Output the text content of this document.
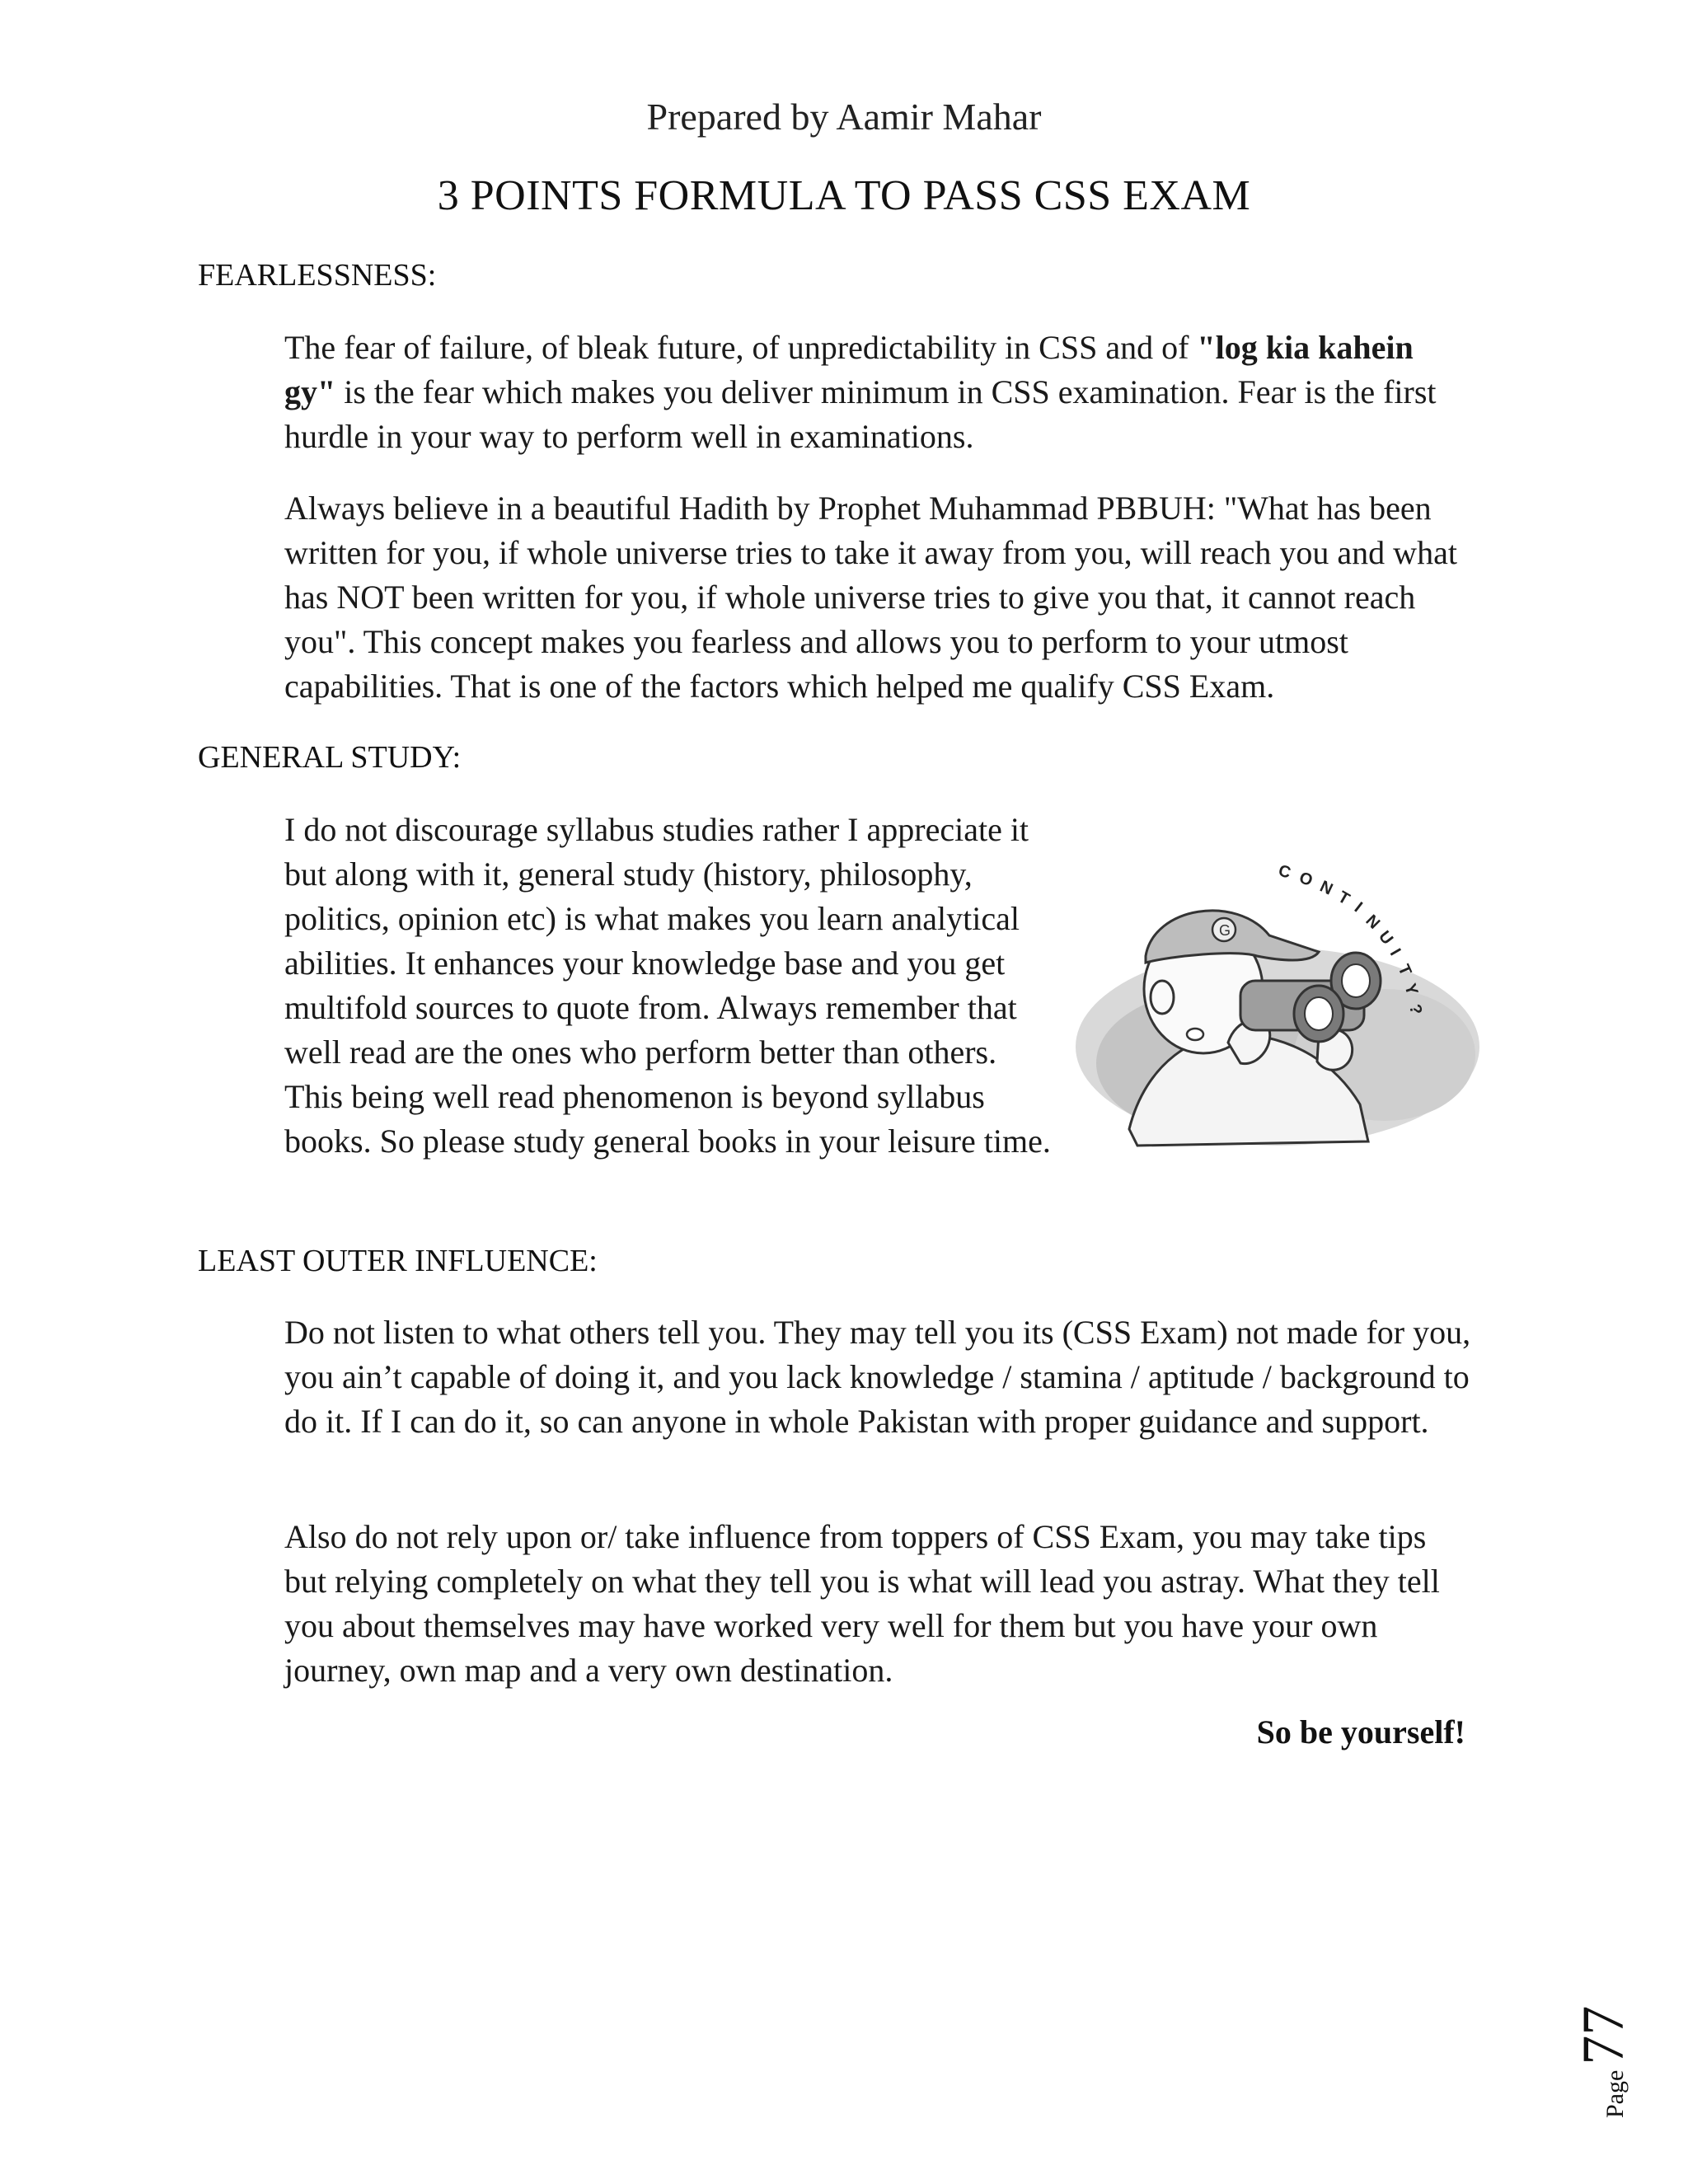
Prepared by Aamir Mahar
3 POINTS FORMULA TO PASS CSS EXAM
FEARLESSNESS:

The fear of failure, of bleak future, of unpredictability in CSS and of "log kia kahein gy" is the fear which makes you deliver minimum in CSS examination. Fear is the first hurdle in your way to perform well in examinations.

Always believe in a beautiful Hadith by Prophet Muhammad PBBUH: "What has been written for you, if whole universe tries to take it away from you, will reach you and what has NOT been written for you, if whole universe tries to give you that, it cannot reach you". This concept makes you fearless and allows you to perform to your utmost capabilities. That is one of the factors which helped me qualify CSS Exam.

GENERAL STUDY:

I do not discourage syllabus studies rather I appreciate it but along with it, general study (history, philosophy, politics, opinion etc) is what makes you learn analytical abilities. It enhances your knowledge base and you get multifold sources to quote from. Always remember that well read are the ones who perform better than others. This being well read phenomenon is beyond syllabus books. So please study general books in your leisure time.

G
C O N T
I
N
U
I
T
Y
?
LEAST OUTER INFLUENCE:

Do not listen to what others tell you. They may tell you its (CSS Exam) not made for you, you ain’t capable of doing it, and you lack knowledge / stamina / aptitude / background to do it. If I can do it, so can anyone in whole Pakistan with proper guidance and support.

Also do not rely upon or/ take influence from toppers of CSS Exam, you may take tips but relying completely on what they tell you is what will lead you astray. What they tell you about themselves may have worked very well for them but you have your own journey, own map and a very own destination.

So be yourself!
Page
77
